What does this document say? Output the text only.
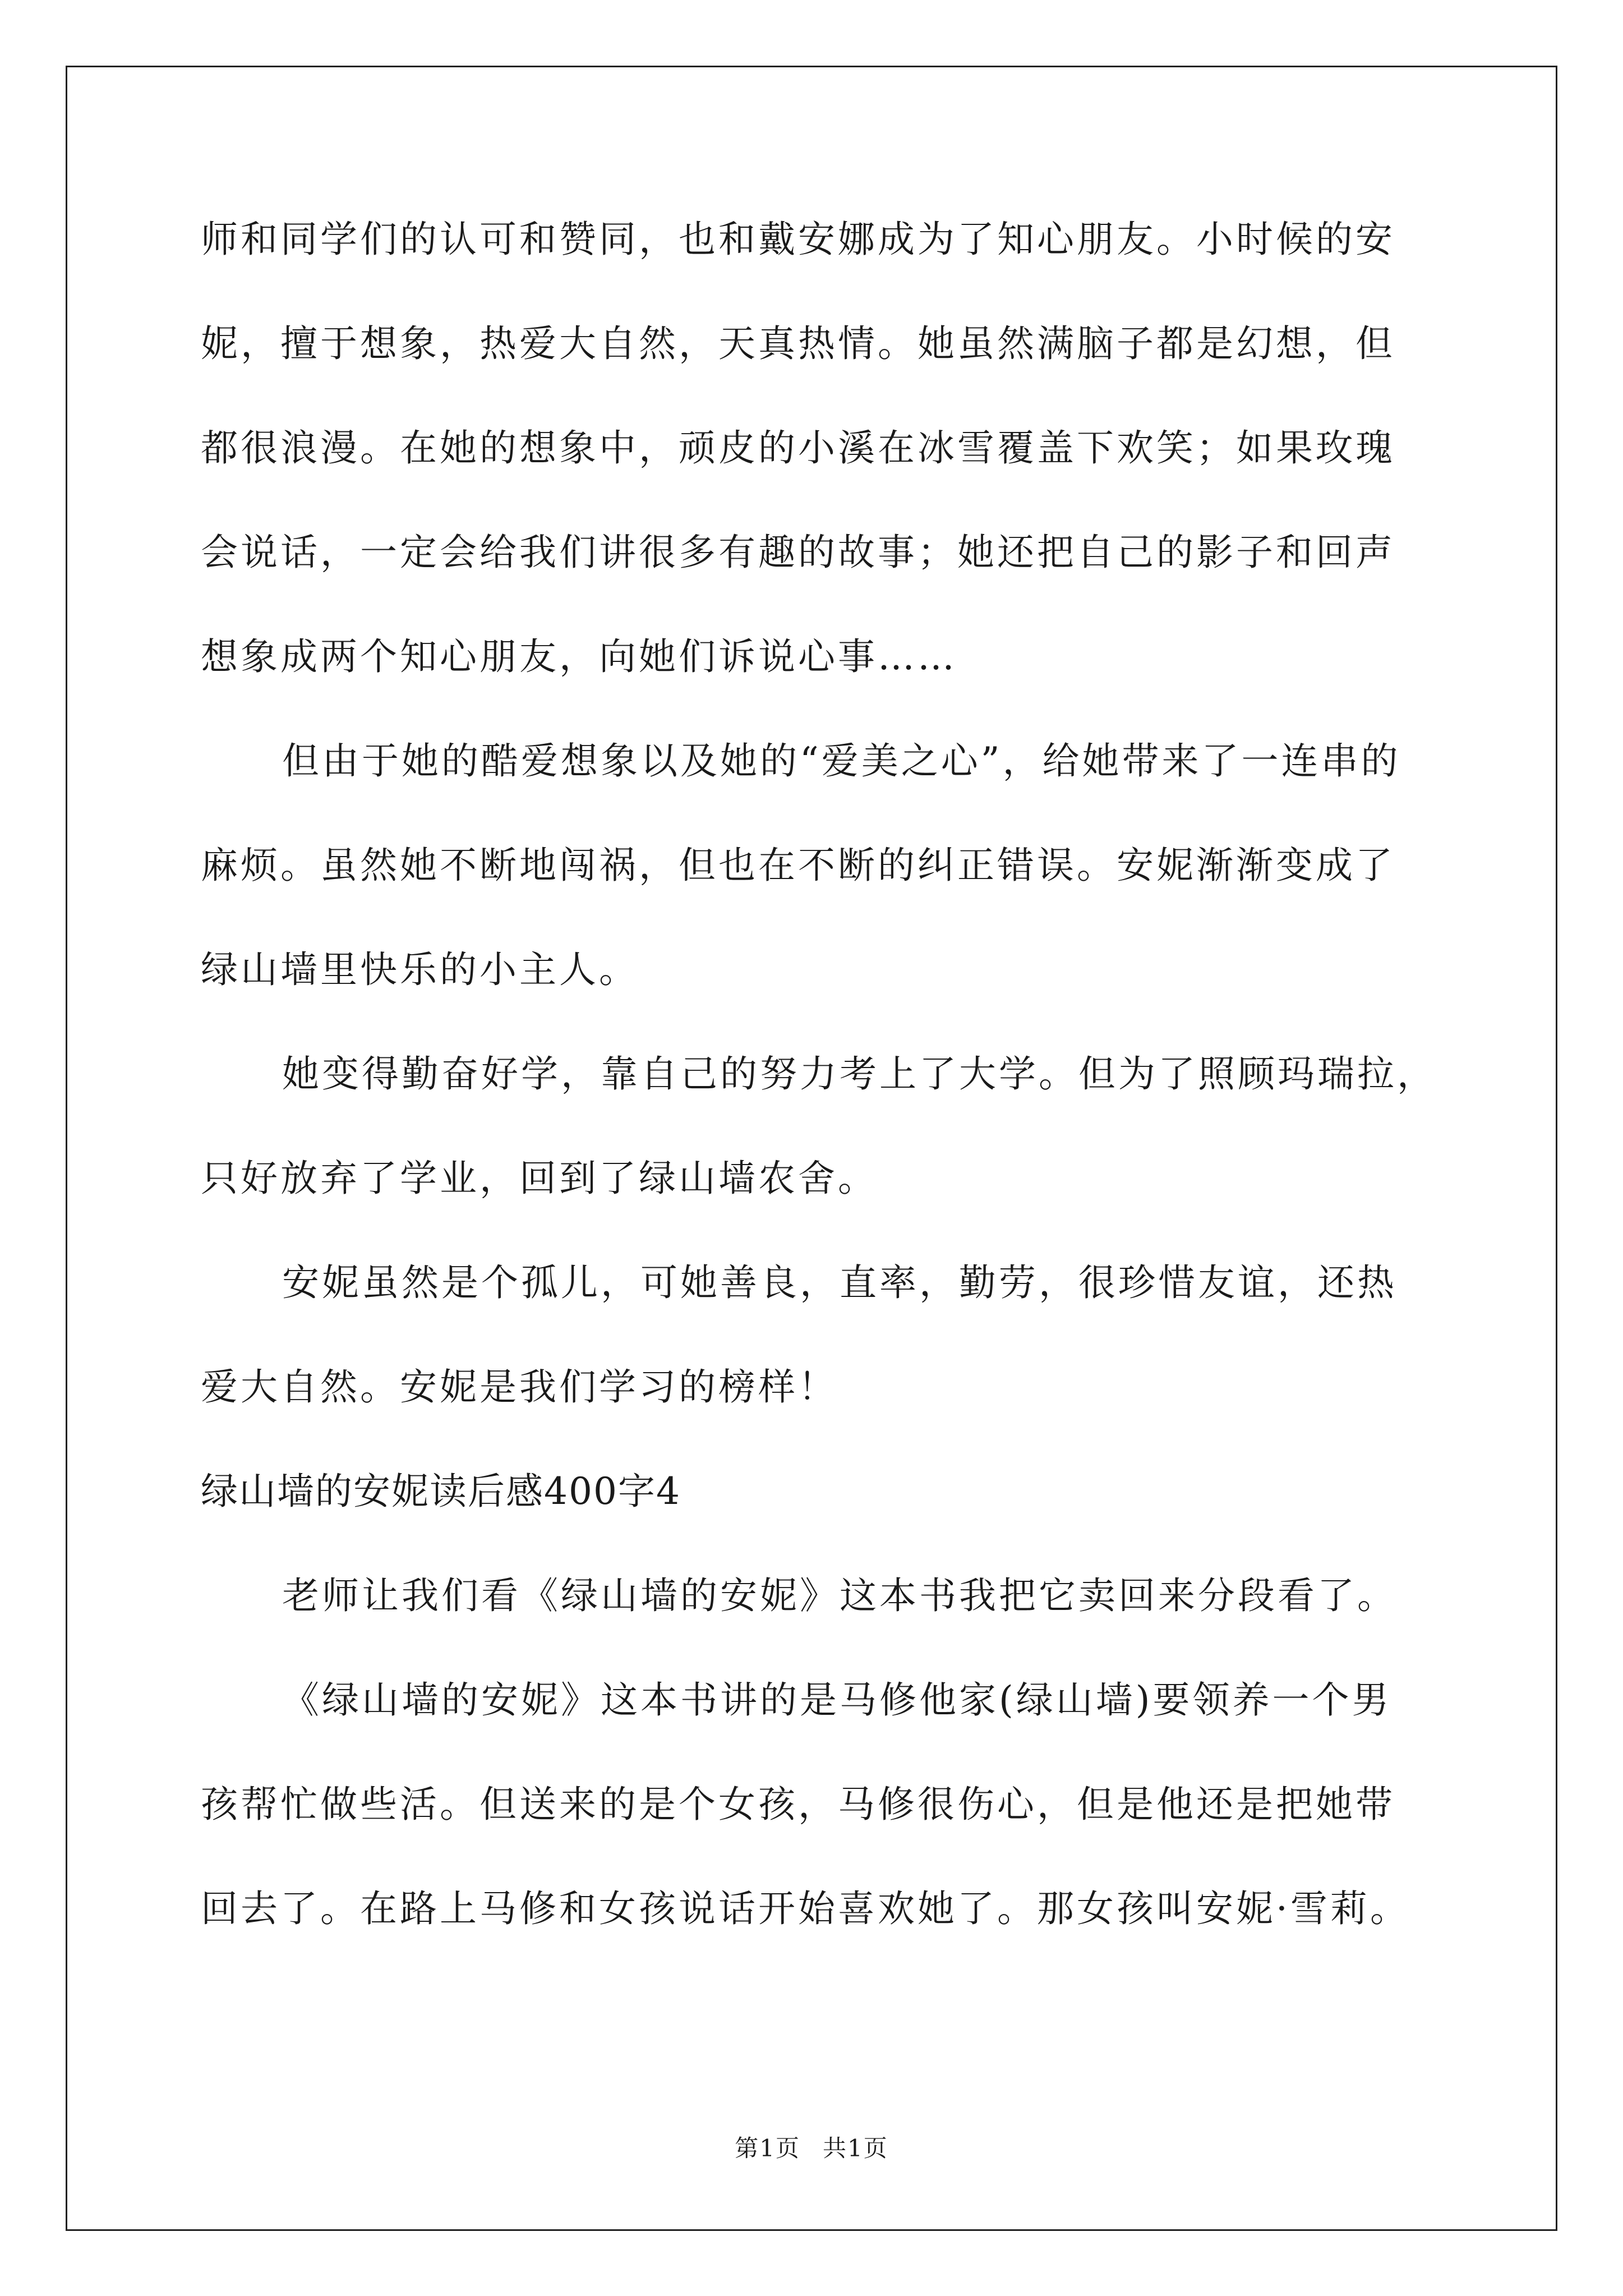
师和同学们的认可和赞同，也和戴安娜成为了知心朋友。小时候的安
妮，擅于想象，热爱大自然，天真热情。她虽然满脑子都是幻想，但
都很浪漫。在她的想象中，顽皮的小溪在冰雪覆盖下欢笑；如果玫瑰
会说话，一定会给我们讲很多有趣的故事；她还把自己的影子和回声
想象成两个知心朋友，向她们诉说心事……
但由于她的酷爱想象以及她的“爱美之心”，给她带来了一连串的
麻烦。虽然她不断地闯祸，但也在不断的纠正错误。安妮渐渐变成了
绿山墙里快乐的小主人。
她变得勤奋好学，靠自己的努力考上了大学。但为了照顾玛瑞拉，
只好放弃了学业，回到了绿山墙农舍。
安妮虽然是个孤儿，可她善良，直率，勤劳，很珍惜友谊，还热
爱大自然。安妮是我们学习的榜样！
绿山墙的安妮读后感400字4
老师让我们看《绿山墙的安妮》这本书我把它卖回来分段看了。
《绿山墙的安妮》这本书讲的是马修他家(绿山墙)要领养一个男
孩帮忙做些活。但送来的是个女孩，马修很伤心，但是他还是把她带
回去了。在路上马修和女孩说话开始喜欢她了。那女孩叫安妮·雪莉。
第1页 共1页
